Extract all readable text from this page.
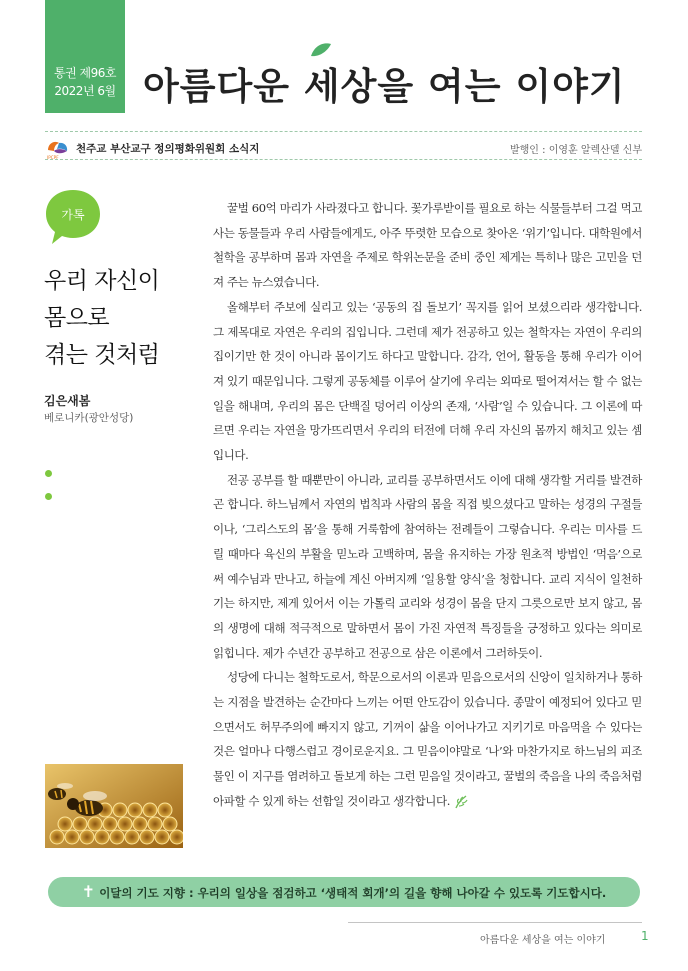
통권 제96호
2022년 6월 아름다운 세상을 여는 이야기
JPCPF
천주교 부산교구 정의평화위원회 소식지	발행인 : 이영훈 알렉산델 신부
가톡
우리 자신이
몸으로
겪는 것처럼
김은새봄
베로니카(광안성당)

꿀벌 60억 마리가 사라졌다고 합니다. 꽃가루받이를 필요로 하는 식물들부터 그걸 먹고 사는 동물들과 우리 사람들에게도, 아주 뚜렷한 모습으로 찾아온 ‘위기’입니다. 대학원에서 철학을 공부하며 몸과 자연을 주제로 학위논문을 준비 중인 제게는 특히나 많은 고민을 던져 주는 뉴스였습니다.

올해부터 주보에 실리고 있는 ‘공동의 집 돌보기’ 꼭지를 읽어 보셨으리라 생각합니다. 그 제목대로 자연은 우리의 집입니다. 그런데 제가 전공하고 있는 철학자는 자연이 우리의 집이기만 한 것이 아니라 몸이기도 하다고 말합니다. 감각, 언어, 활동을 통해 우리가 이어져 있기 때문입니다. 그렇게 공동체를 이루어 살기에 우리는 외따로 떨어져서는 할 수 없는 일을 해내며, 우리의 몸은 단백질 덩어리 이상의 존재, ‘사람’일 수 있습니다. 그 이론에 따르면 우리는 자연을 망가뜨리면서 우리의 터전에 더해 우리 자신의 몸까지 해치고 있는 셈입니다.

전공 공부를 할 때뿐만이 아니라, 교리를 공부하면서도 이에 대해 생각할 거리를 발견하곤 합니다. 하느님께서 자연의 법칙과 사람의 몸을 직접 빚으셨다고 말하는 성경의 구절들이나, ‘그리스도의 몸’을 통해 거룩함에 참여하는 전례들이 그렇습니다. 우리는 미사를 드릴 때마다 육신의 부활을 믿노라 고백하며, 몸을 유지하는 가장 원초적 방법인 ‘먹음’으로써 예수님과 만나고, 하늘에 계신 아버지께 ‘일용할 양식’을 청합니다. 교리 지식이 일천하기는 하지만, 제게 있어서 이는 가톨릭 교리와 성경이 몸을 단지 그릇으로만 보지 않고, 몸의 생명에 대해 적극적으로 말하면서 몸이 가진 자연적 특징들을 긍정하고 있다는 의미로 읽힙니다. 제가 수년간 공부하고 전공으로 삼은 이론에서 그러하듯이.

성당에 다니는 철학도로서, 학문으로서의 이론과 믿음으로서의 신앙이 일치하거나 통하는 지점을 발견하는 순간마다 느끼는 어떤 안도감이 있습니다. 종말이 예정되어 있다고 믿으면서도 허무주의에 빠지지 않고, 기꺼이 삶을 이어나가고 지키기로 마음먹을 수 있다는 것은 얼마나 다행스럽고 경이로운지요. 그 믿음이야말로 ‘나’와 마찬가지로 하느님의 피조물인 이 지구를 염려하고 돌보게 하는 그런 믿음일 것이라고, 꿀벌의 죽음을 나의 죽음처럼 아파할 수 있게 하는 선함일 것이라고 생각합니다.

✝ 이달의 기도 지향 : 우리의 일상을 점검하고 ‘생태적 회개’의 길을 향해 나아갈 수 있도록 기도합시다.
아름다운 세상을 여는 이야기	1
